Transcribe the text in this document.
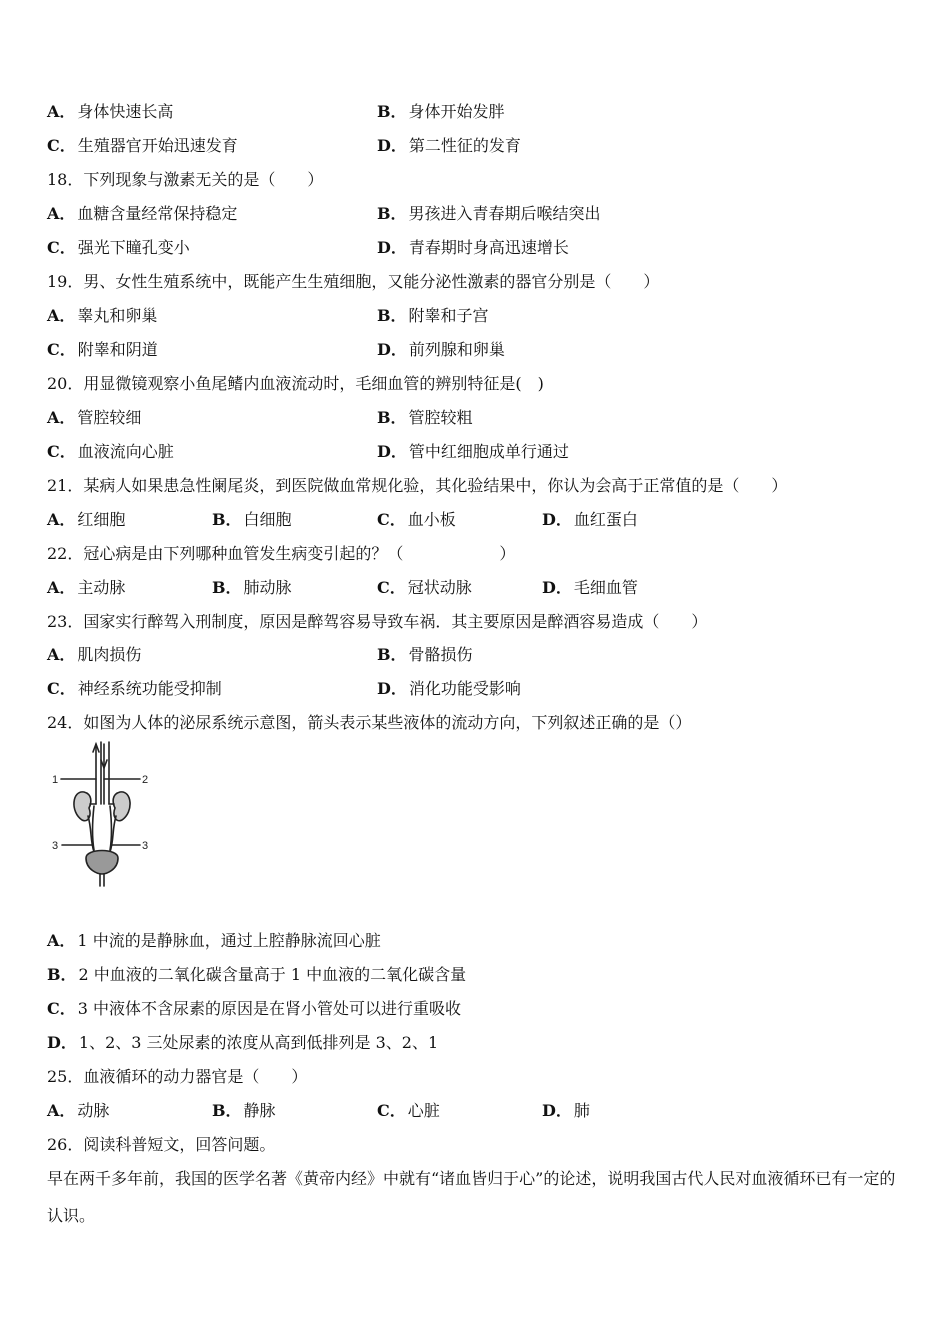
A． 身体快速长高	B． 身体开始发胖
C． 生殖器官开始迅速发育	D． 第二性征的发育
18．下列现象与激素无关的是（　　）
A． 血糖含量经常保持稳定	B． 男孩进入青春期后喉结突出
C． 强光下瞳孔变小	D． 青春期时身高迅速增长
19．男、女性生殖系统中，既能产生生殖细胞，又能分泌性激素的器官分别是（　　）
A． 睾丸和卵巢	B． 附睾和子宫
C． 附睾和阴道	D． 前列腺和卵巢
20．用显微镜观察小鱼尾鳍内血液流动时，毛细血管的辨别特征是(　)
A． 管腔较细	B． 管腔较粗
C． 血液流向心脏	D． 管中红细胞成单行通过
21．某病人如果患急性阑尾炎，到医院做血常规化验，其化验结果中，你认为会高于正常值的是（　　）
A． 红细胞	B． 白细胞	C． 血小板	D． 血红蛋白
22．冠心病是由下列哪种血管发生病变引起的？（　　　　　　）
A． 主动脉	B． 肺动脉	C． 冠状动脉	D． 毛细血管
23．国家实行醉驾入刑制度，原因是醉驾容易导致车祸．其主要原因是醉酒容易造成（　　）
A． 肌肉损伤	B． 骨骼损伤
C． 神经系统功能受抑制	D． 消化功能受影响
24．如图为人体的泌尿系统示意图，箭头表示某些液体的流动方向，下列叙述正确的是（）
1	2
3	3
A． 1 中流的是静脉血，通过上腔静脉流回心脏
B． 2 中血液的二氧化碳含量高于 1 中血液的二氧化碳含量
C． 3 中液体不含尿素的原因是在肾小管处可以进行重吸收
D． 1、2、3 三处尿素的浓度从高到低排列是 3、2、1
25．血液循环的动力器官是（　　）
A． 动脉	B． 静脉	C． 心脏	D． 肺
26．阅读科普短文，回答问题。
早在两千多年前，我国的医学名著《黄帝内经》中就有“诸血皆归于心”的论述，说明我国古代人民对血液循环已有一定的认识。
